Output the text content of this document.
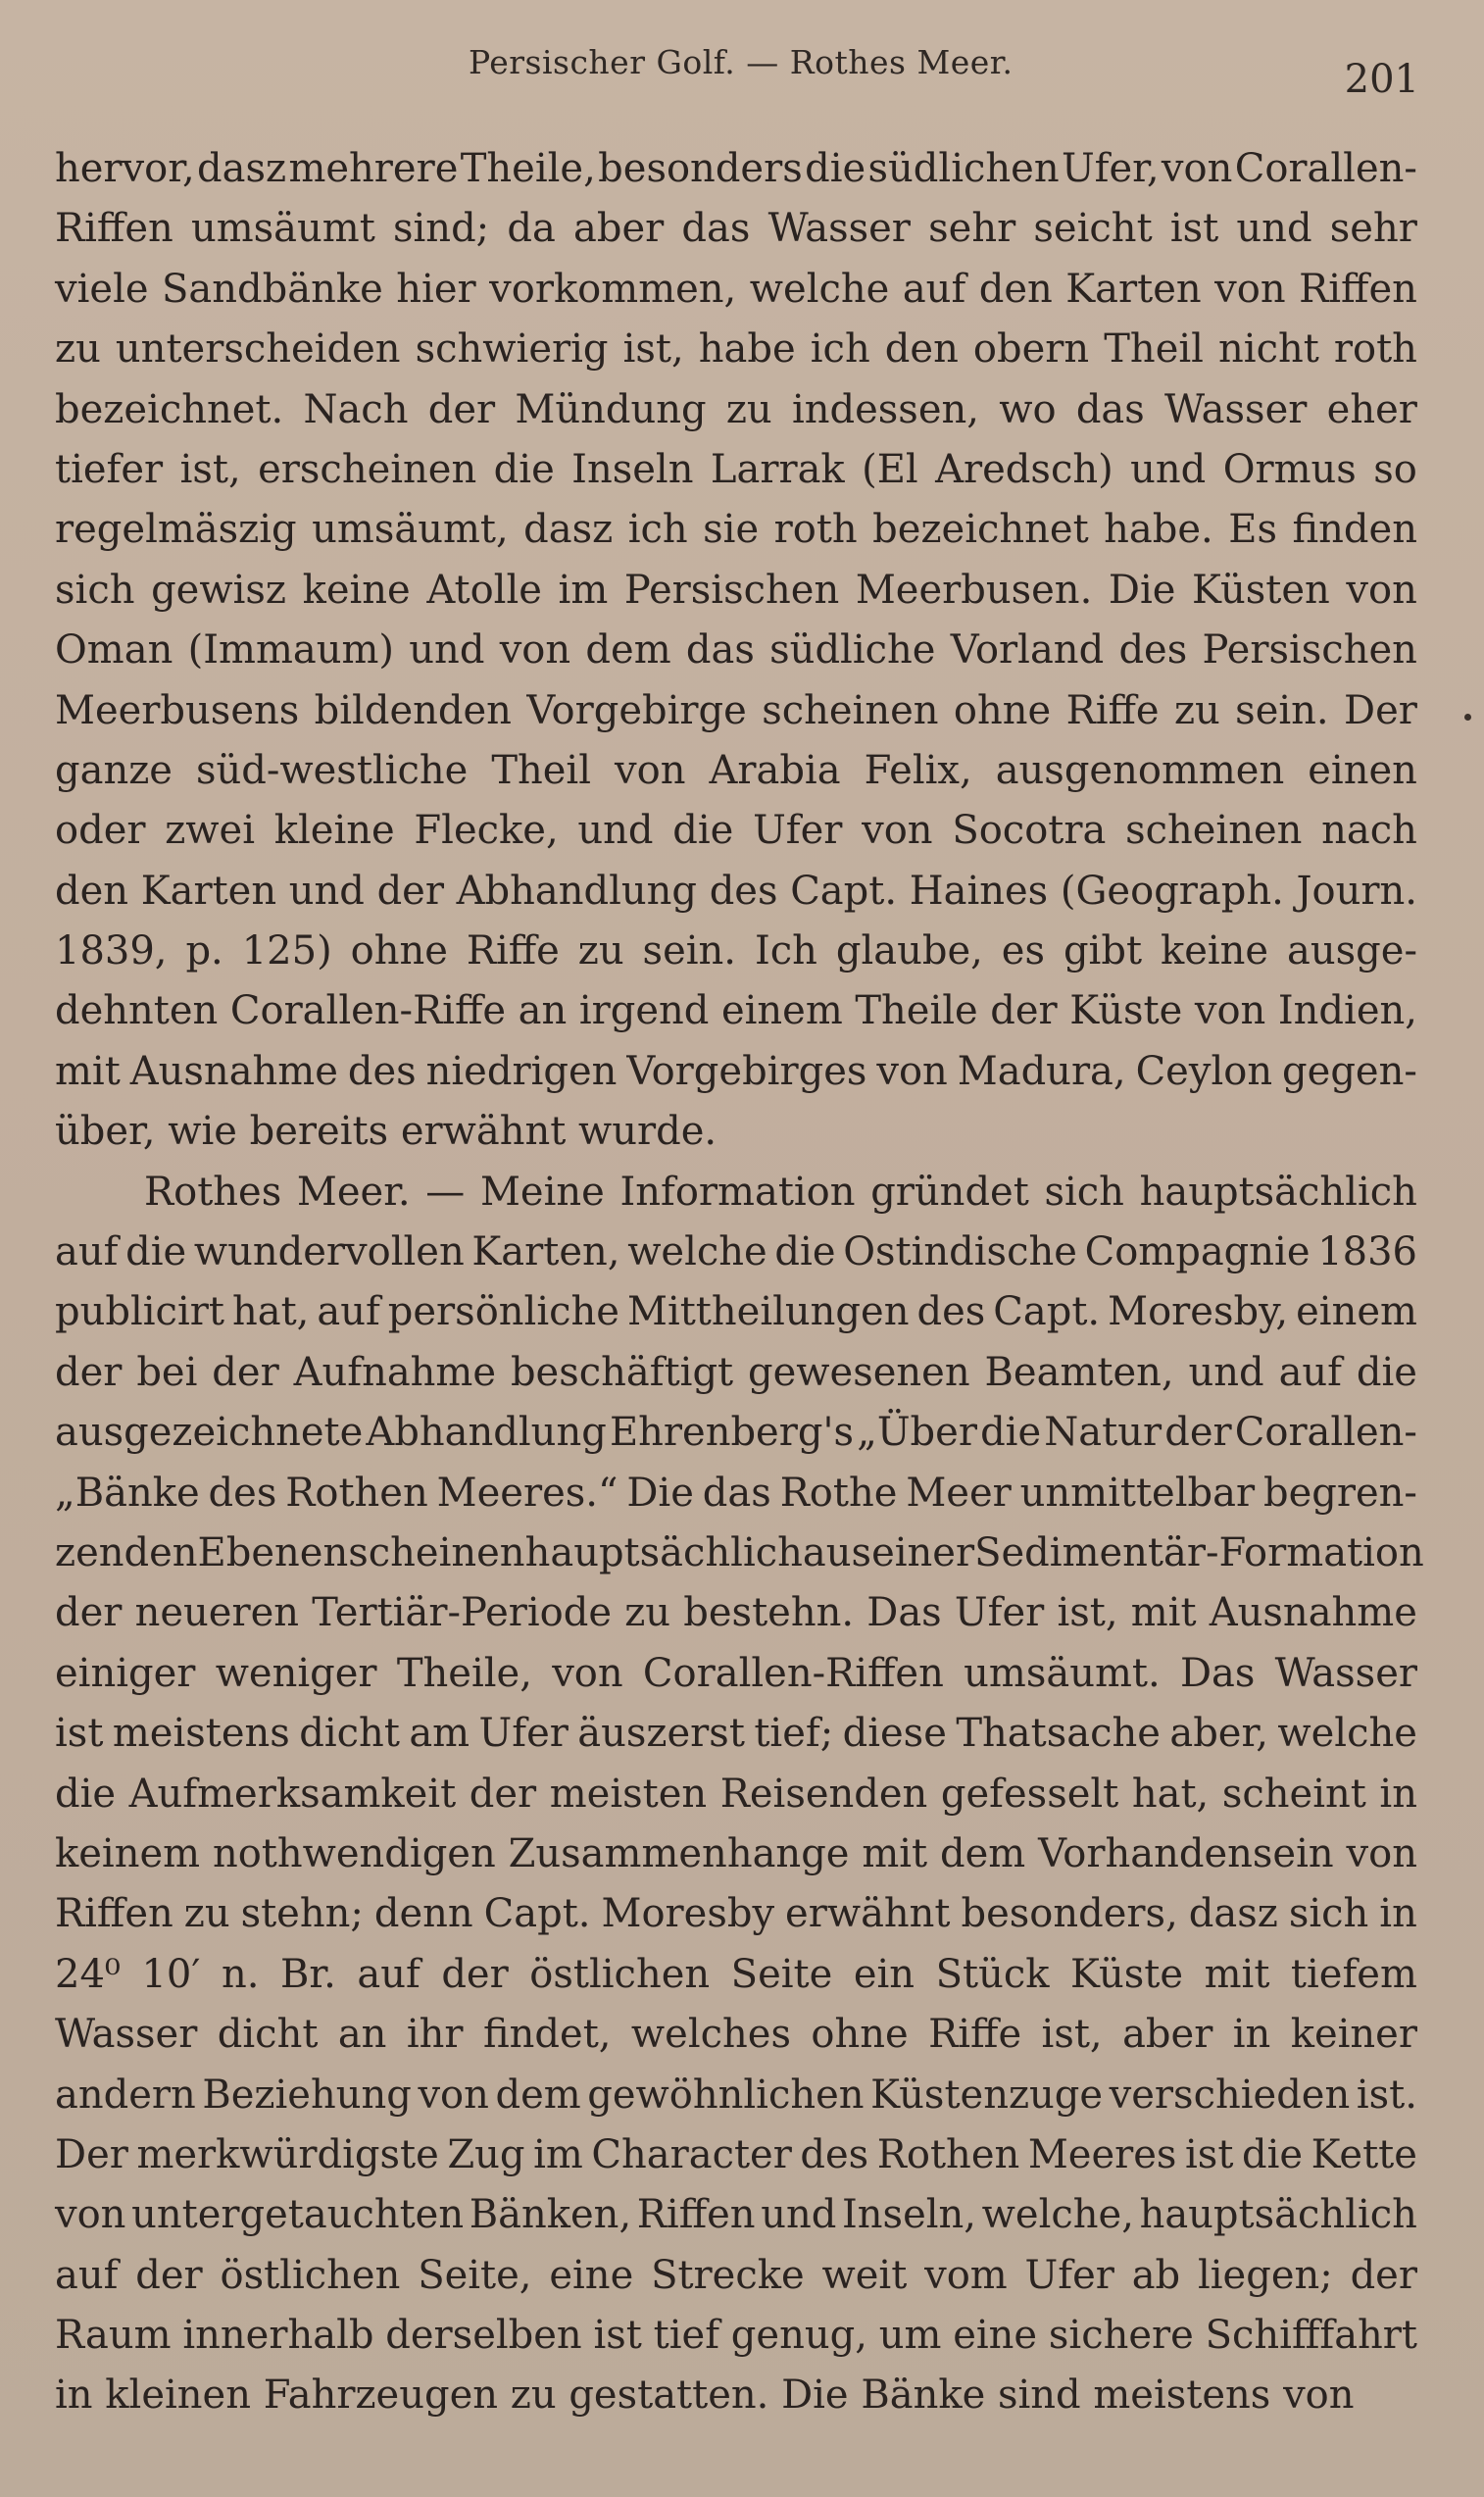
Persischer Golf. — Rothes Meer.	201
hervor, dasz mehrere Theile, besonders die südlichen Ufer, von Corallen-
Riffen umsäumt sind; da aber das Wasser sehr seicht ist und sehr
viele Sandbänke hier vorkommen, welche auf den Karten von Riffen
zu unterscheiden schwierig ist, habe ich den obern Theil nicht roth
bezeichnet. Nach der Mündung zu indessen, wo das Wasser eher
tiefer ist, erscheinen die Inseln Larrak (El Aredsch) und Ormus so
regelmäszig umsäumt, dasz ich sie roth bezeichnet habe. Es finden
sich gewisz keine Atolle im Persischen Meerbusen. Die Küsten von
Oman (Immaum) und von dem das südliche Vorland des Persischen
Meerbusens bildenden Vorgebirge scheinen ohne Riffe zu sein. Der
ganze süd-westliche Theil von Arabia Felix, ausgenommen einen
oder zwei kleine Flecke, und die Ufer von Socotra scheinen nach
den Karten und der Abhandlung des Capt. Haines (Geograph. Journ.
1839, p. 125) ohne Riffe zu sein. Ich glaube, es gibt keine ausge-
dehnten Corallen-Riffe an irgend einem Theile der Küste von Indien,
mit Ausnahme des niedrigen Vorgebirges von Madura, Ceylon gegen-
über, wie bereits erwähnt wurde.
Rothes Meer. — Meine Information gründet sich hauptsächlich
auf die wundervollen Karten, welche die Ostindische Compagnie 1836
publicirt hat, auf persönliche Mittheilungen des Capt. Moresby, einem
der bei der Aufnahme beschäftigt gewesenen Beamten, und auf die
ausgezeichnete Abhandlung Ehrenberg's „Über die Natur der Corallen-
„Bänke des Rothen Meeres.“ Die das Rothe Meer unmittelbar begren-
zenden Ebenen scheinen hauptsächlich aus einer Sedimentär-Formation
der neueren Tertiär-Periode zu bestehn. Das Ufer ist, mit Ausnahme
einiger weniger Theile, von Corallen-Riffen umsäumt. Das Wasser
ist meistens dicht am Ufer äuszerst tief; diese Thatsache aber, welche
die Aufmerksamkeit der meisten Reisenden gefesselt hat, scheint in
keinem nothwendigen Zusammenhange mit dem Vorhandensein von
Riffen zu stehn; denn Capt. Moresby erwähnt besonders, dasz sich in
24⁰ 10′ n. Br. auf der östlichen Seite ein Stück Küste mit tiefem
Wasser dicht an ihr findet, welches ohne Riffe ist, aber in keiner
andern Beziehung von dem gewöhnlichen Küstenzuge verschieden ist.
Der merkwürdigste Zug im Character des Rothen Meeres ist die Kette
von untergetauchten Bänken, Riffen und Inseln, welche, hauptsächlich
auf der östlichen Seite, eine Strecke weit vom Ufer ab liegen; der
Raum innerhalb derselben ist tief genug, um eine sichere Schifffahrt
in kleinen Fahrzeugen zu gestatten. Die Bänke sind meistens von
